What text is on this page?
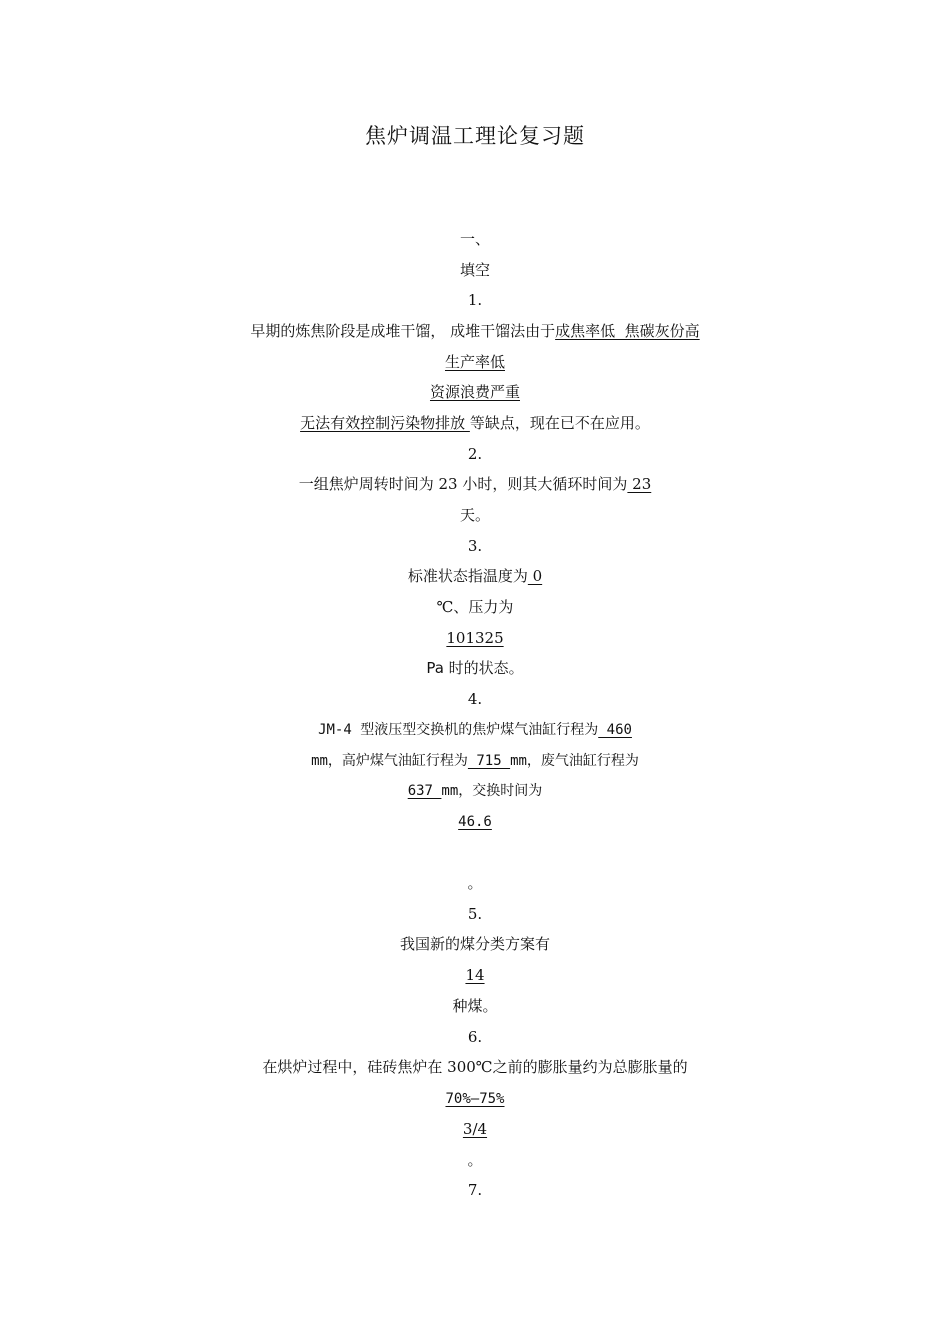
焦炉调温工理论复习题
一、
填空
1.
早期的炼焦阶段是成堆干馏， 成堆干馏法由于成焦率低  焦碳灰份高
生产率低
资源浪费严重
无法有效控制污染物排放 等缺点，现在已不在应用。
2.
一组焦炉周转时间为 23 小时，则其大循环时间为 23
天。
3.
标准状态指温度为 0
℃、压力为
101325
Pa 时的状态。
4.
JM-4 型液压型交换机的焦炉煤气油缸行程为 460
mm，高炉煤气油缸行程为 715 mm，废气油缸行程为
637 mm，交换时间为
46.6
。
5.
我国新的煤分类方案有
14
种煤。
6.
在烘炉过程中，硅砖焦炉在 300℃之前的膨胀量约为总膨胀量的
70%—75%
3/4
。
7.
